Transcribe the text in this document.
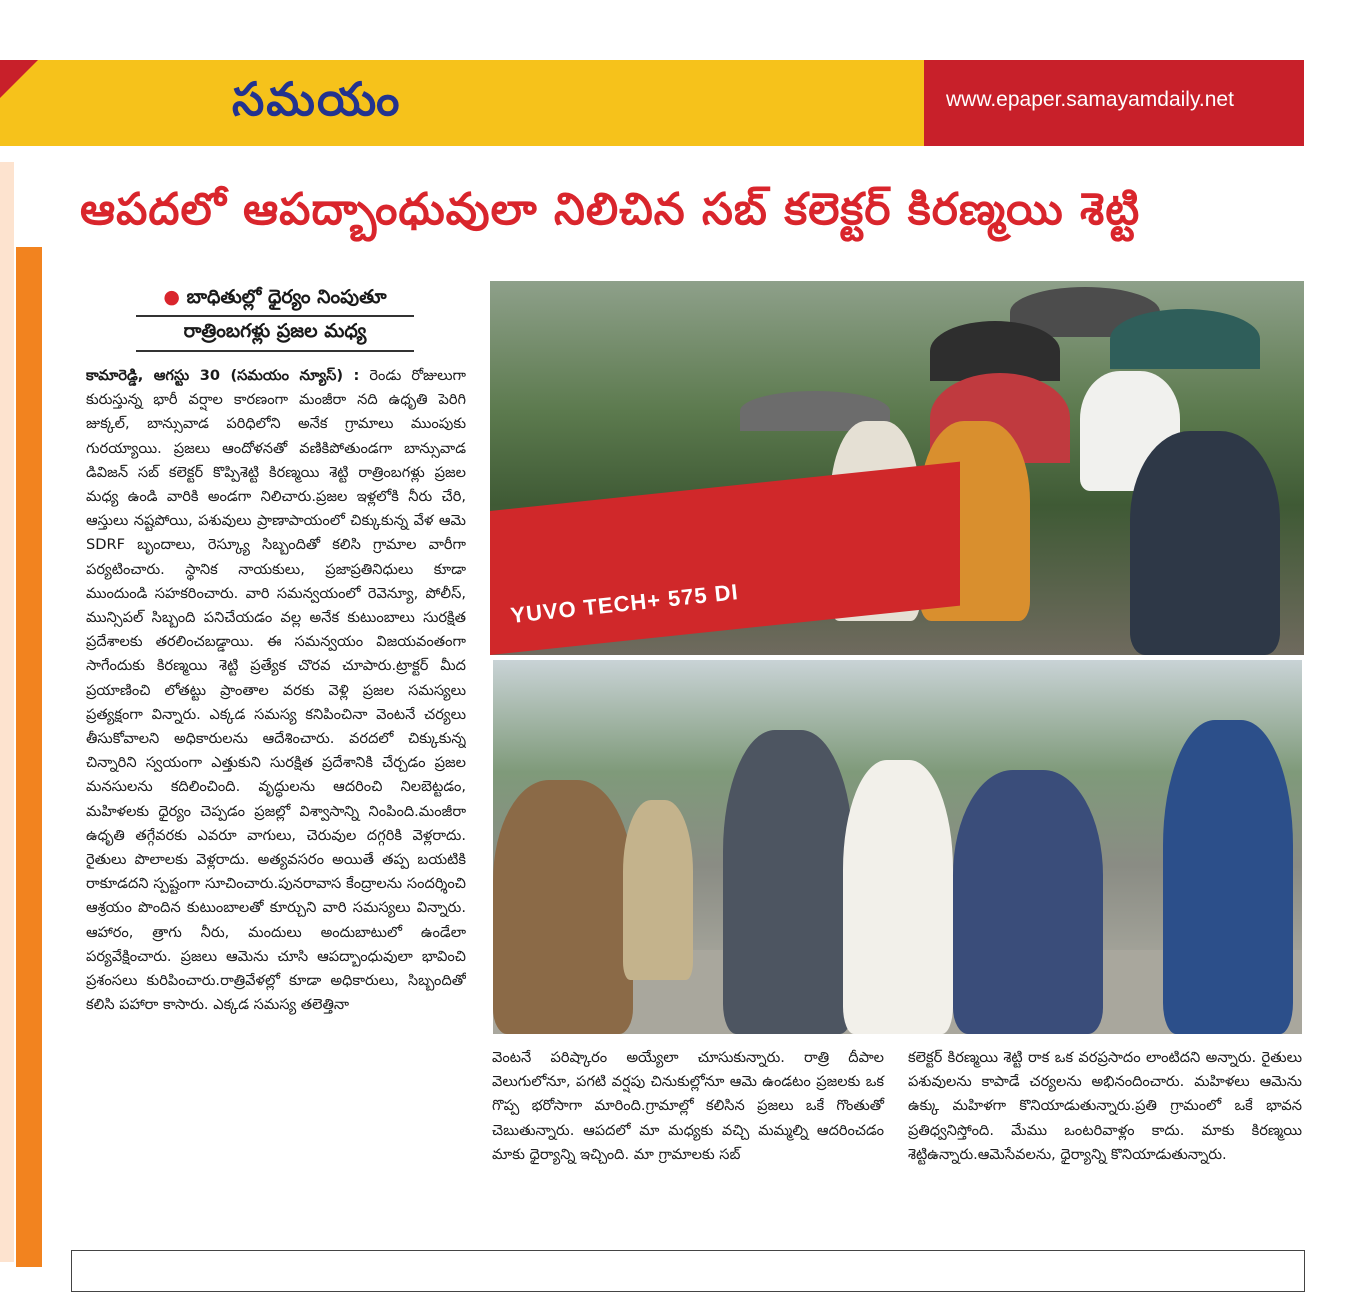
సమయం	www.epaper.samayamdaily.net
ఆపదలో ఆపద్బాంధువులా నిలిచిన సబ్ కలెక్టర్ కిరణ్మయి శెట్టి
● బాధితుల్లో ధైర్యం నింపుతూ
రాత్రింబగళ్లు ప్రజల మధ్య
కామారెడ్డి, ఆగస్టు 30 (సమయం న్యూస్) : రెండు రోజులుగా కురుస్తున్న భారీ వర్షాల కారణంగా మంజీరా నది ఉధృతి పెరిగి జుక్కల్, బాన్సువాడ పరిధిలోని అనేక గ్రామాలు ముంపుకు గురయ్యాయి. ప్రజలు ఆందోళనతో వణికిపోతుండగా బాన్సువాడ డివిజన్ సబ్ కలెక్టర్ కొప్పిశెట్టి కిరణ్మయి శెట్టి రాత్రింబగళ్లు ప్రజల మధ్య ఉండి వారికి అండగా నిలిచారు.ప్రజల ఇళ్లలోకి నీరు చేరి, ఆస్తులు నష్టపోయి, పశువులు ప్రాణాపాయంలో చిక్కుకున్న వేళ ఆమె SDRF బృందాలు, రెస్క్యూ సిబ్బందితో కలిసి గ్రామాల వారీగా పర్యటించారు. స్థానిక నాయకులు, ప్రజాప్రతినిధులు కూడా ముందుండి సహకరించారు. వారి సమన్వయంలో రెవెన్యూ, పోలీస్, మున్సిపల్ సిబ్బంది పనిచేయడం వల్ల అనేక కుటుంబాలు సురక్షిత ప్రదేశాలకు తరలించబడ్డాయి. ఈ సమన్వయం విజయవంతంగా సాగేందుకు కిరణ్మయి శెట్టి ప్రత్యేక చొరవ చూపారు.ట్రాక్టర్ మీద ప్రయాణించి లోతట్టు ప్రాంతాల వరకు వెళ్లి ప్రజల సమస్యలు ప్రత్యక్షంగా విన్నారు. ఎక్కడ సమస్య కనిపించినా వెంటనే చర్యలు తీసుకోవాలని అధికారులను ఆదేశించారు. వరదలో చిక్కుకున్న చిన్నారిని స్వయంగా ఎత్తుకుని సురక్షిత ప్రదేశానికి చేర్చడం ప్రజల మనసులను కదిలించింది. వృద్ధులను ఆదరించి నిలబెట్టడం, మహిళలకు ధైర్యం చెప్పడం ప్రజల్లో విశ్వాసాన్ని నింపింది.మంజీరా ఉధృతి తగ్గేవరకు ఎవరూ వాగులు, చెరువుల దగ్గరికి వెళ్లరాదు. రైతులు పొలాలకు వెళ్లరాదు. అత్యవసరం అయితే తప్ప బయటికి రాకూడదని స్పష్టంగా సూచించారు.పునరావాస కేంద్రాలను సందర్శించి ఆశ్రయం పొందిన కుటుంబాలతో కూర్చుని వారి సమస్యలు విన్నారు. ఆహారం, త్రాగు నీరు, మందులు అందుబాటులో ఉండేలా పర్యవేక్షించారు. ప్రజలు ఆమెను చూసి ఆపద్బాంధువులా భావించి ప్రశంసలు కురిపించారు.రాత్రివేళల్లో కూడా అధికారులు, సిబ్బందితో కలిసి పహారా కాసారు. ఎక్కడ సమస్య తలెత్తినా
YUVO TECH+ 575 DI
వెంటనే పరిష్కారం అయ్యేలా చూసుకున్నారు. రాత్రి దీపాల వెలుగులోనూ, పగటి వర్షపు చినుకుల్లోనూ ఆమె ఉండటం ప్రజలకు ఒక గొప్ప భరోసాగా మారింది.గ్రామాల్లో కలిసిన ప్రజలు ఒకే గొంతుతో చెబుతున్నారు. ఆపదలో మా మధ్యకు వచ్చి మమ్మల్ని ఆదరించడం మాకు ధైర్యాన్ని ఇచ్చింది. మా గ్రామాలకు సబ్
కలెక్టర్ కిరణ్మయి శెట్టి రాక ఒక వరప్రసాదం లాంటిదని అన్నారు. రైతులు పశువులను కాపాడే చర్యలను అభినందించారు. మహిళలు ఆమెను ఉక్కు మహిళగా కొనియాడుతున్నారు.ప్రతి గ్రామంలో ఒకే భావన ప్రతిధ్వనిస్తోంది. మేము ఒంటరివాళ్లం కాదు. మాకు కిరణ్మయి శెట్టిఉన్నారు.ఆమెసేవలను, ధైర్యాన్ని కొనియాడుతున్నారు.
